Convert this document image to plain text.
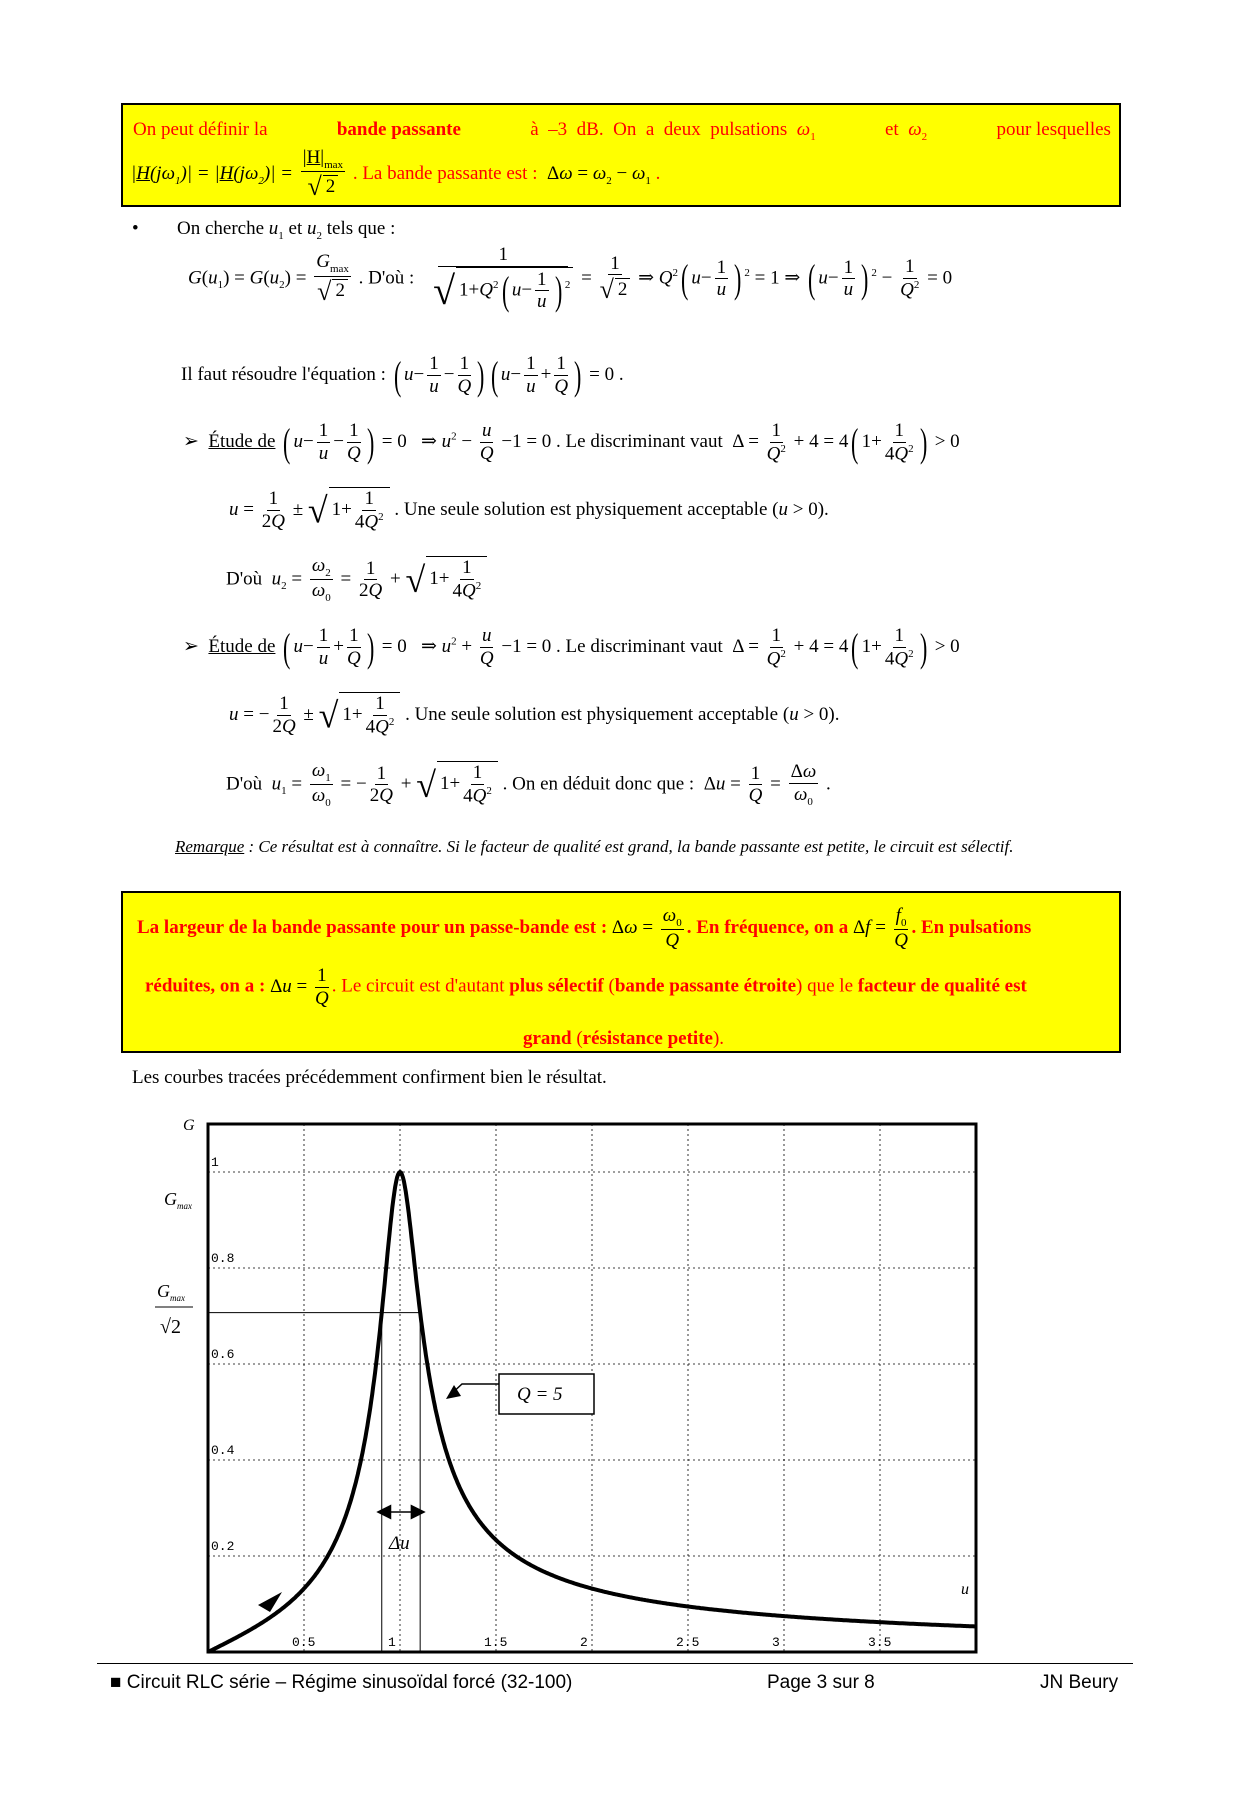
On peut définir la	bande passante	à  –3  dB.  On  a  deux  pulsations  $\omega_1$	et  $\omega_2$	pour lesquelles
$|H(j\omega_1)| = |H(j\omega_2)| = \frac{|H|_{max}}{√ 2}$ . La bande passante est :  $\Delta\omega = \omega_2 - \omega_1$ .
• On cherche $u_1$ et $u_2$ tels que :
$G(u_1) = G(u_2) = \frac{G_{max}}{√ 2}$ . D'où : $\frac{1}{√ 1+Q^2( u- \frac{1}{u} ) ^2} = \frac{1}{√ 2}$ ⇒ $Q^2$( $u- \frac{1}{u}$ ) $^2$ = 1 ⇒ ( $u- \frac{1}{u}$ ) $^2 - \frac{1}{Q^2} = 0$
Il faut résoudre l'équation : ( $u- \frac{1}{u} - \frac{1}{Q}$ ) ( $u- \frac{1}{u} + \frac{1}{Q}$ ) = 0 .
➢  Étude de ( $u- \frac{1}{u} - \frac{1}{Q}$ ) = 0   ⇒ $u^2 - \frac{u}{Q} -1 = 0$ . Le discriminant vaut  $\Delta = \frac{1}{Q^2} + 4 = 4$( $1+ \frac{1}{4Q^2}$ ) > 0
$u = \frac{1}{2Q}$ ± √ $1+ \frac{1}{4Q^2}$ . Une seule solution est physiquement acceptable (u > 0).
D'où  $u_2 = \frac{\omega_2}{\omega_0} = \frac{1}{2Q}$ + √ $1+ \frac{1}{4Q^2}$
➢  Étude de ( $u- \frac{1}{u} + \frac{1}{Q}$ ) = 0   ⇒ $u^2 + \frac{u}{Q} -1 = 0$ . Le discriminant vaut  $\Delta = \frac{1}{Q^2} + 4 = 4$( $1+ \frac{1}{4Q^2}$ ) > 0
u = − $\frac{1}{2Q}$ ± √ $1+ \frac{1}{4Q^2}$ . Une seule solution est physiquement acceptable (u > 0).
D'où  $u_1 = \frac{\omega_1}{\omega_0}$ = − $\frac{1}{2Q}$ + √ $1+ \frac{1}{4Q^2}$ . On en déduit donc que :  $\Delta u = \frac{1}{Q} = \frac{\Delta\omega}{\omega_0}$ .
Remarque : Ce résultat est à connaître. Si le facteur de qualité est grand, la bande passante est petite, le circuit est sélectif.
La largeur de la bande passante pour un passe-bande est : $\Delta\omega = \frac{\omega_0}{Q}$ . En fréquence, on a $\Delta f = \frac{f_0}{Q}$ . En pulsations
réduites, on a : $\Delta u = \frac{1}{Q}$ . Le circuit est d'autant plus sélectif (bande passante étroite) que le facteur de qualité est
grand (résistance petite).
Les courbes tracées précédemment confirment bien le résultat.
0.5	1	1.5	2	2.5	3	3.5
0.2
0.4
0.6
0.8
1
Q = 5
G
u
$G_{max}$
$G_{max}$
√2
Δu
■ Circuit RLC série – Régime sinusoïdal forcé (32-100)	Page 3 sur 8	JN Beury
